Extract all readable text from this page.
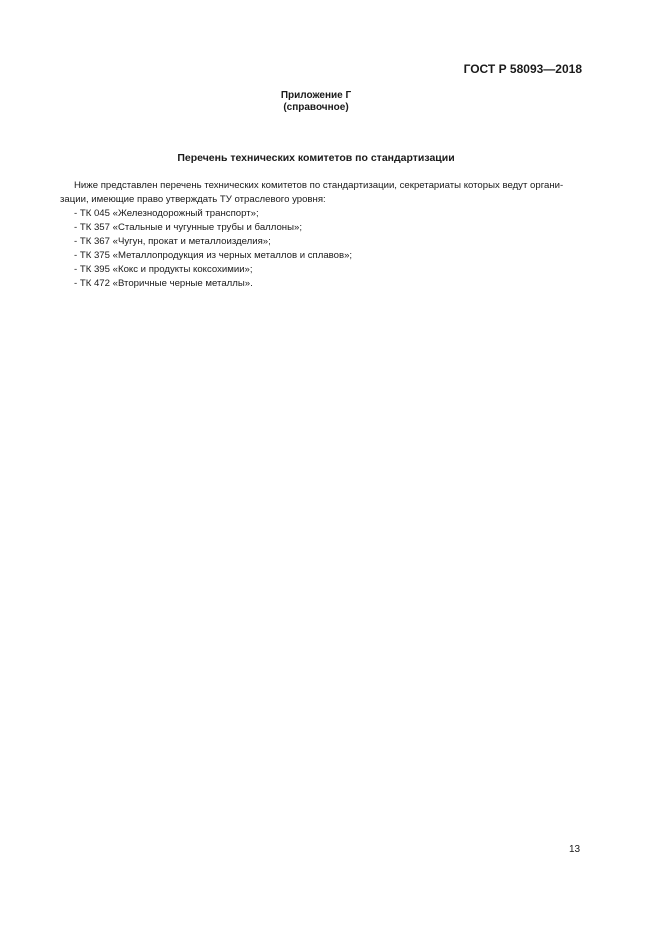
ГОСТ Р 58093—2018
Приложение Г
(справочное)
Перечень технических комитетов по стандартизации

Ниже представлен перечень технических комитетов по стандартизации, секретариаты которых ведут органи-

зации, имеющие право утверждать ТУ отраслевого уровня:

- ТК 045 «Железнодорожный транспорт»;
- ТК 357 «Стальные и чугунные трубы и баллоны»;
- ТК 367 «Чугун, прокат и металлоизделия»;
- ТК 375 «Металлопродукция из черных металлов и сплавов»;
- ТК 395 «Кокс и продукты коксохимии»;
- ТК 472 «Вторичные черные металлы».
13
